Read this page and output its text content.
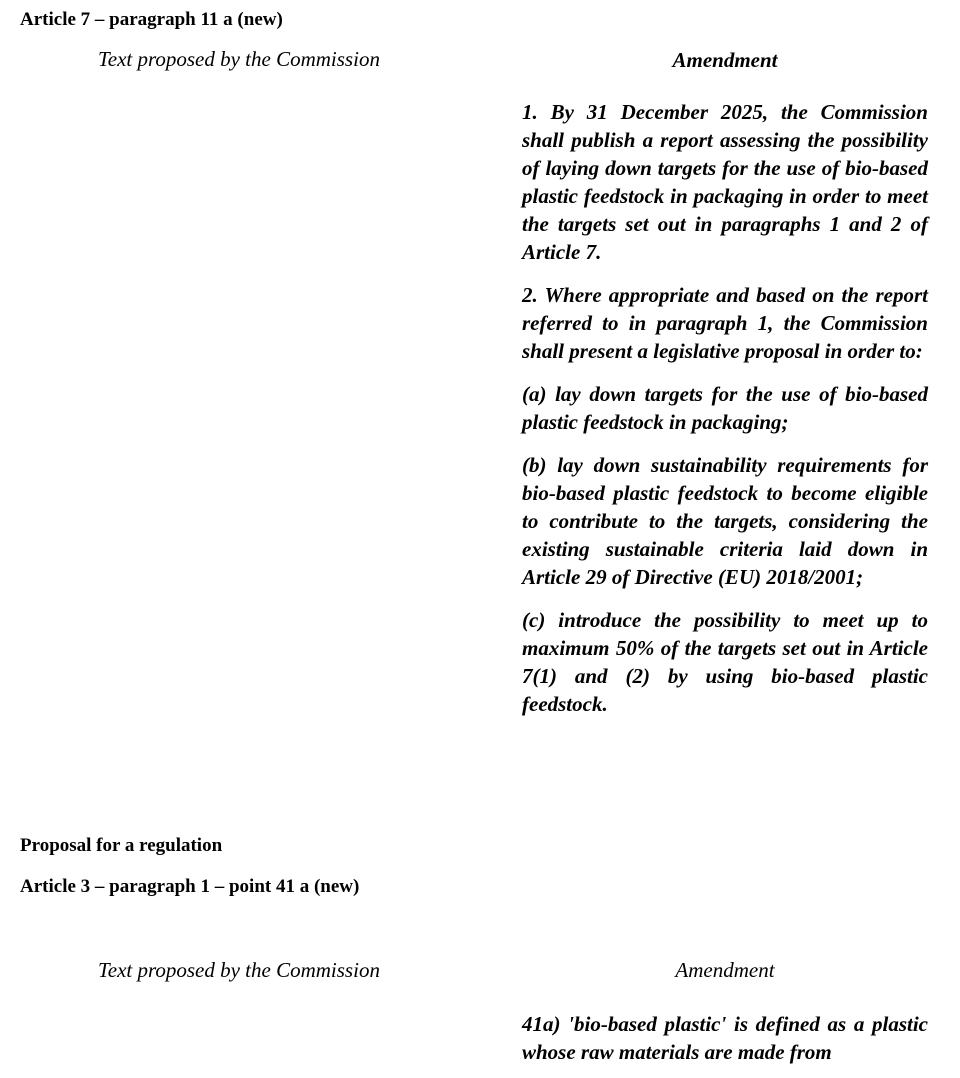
Article 7 – paragraph 11 a (new)
Text proposed by the Commission	Amendment

1. By 31 December 2025, the Commission shall publish a report assessing the possibility of laying down targets for the use of bio-based plastic feedstock in packaging in order to meet the targets set out in paragraphs 1 and 2 of Article 7.

2. Where appropriate and based on the report referred to in paragraph 1, the Commission shall present a legislative proposal in order to:

(a) lay down targets for the use of bio-based plastic feedstock in packaging;

(b) lay down sustainability requirements for bio-based plastic feedstock to become eligible to contribute to the targets, considering the existing sustainable criteria laid down in Article 29 of Directive (EU) 2018/2001;

(c) introduce the possibility to meet up to maximum 50% of the targets set out in Article 7(1) and (2) by using bio-based plastic feedstock.

Proposal for a regulation
Article 3 – paragraph 1 – point 41 a (new)
Text proposed by the Commission	Amendment

41a) 'bio-based plastic' is defined as a plastic whose raw materials are made from
